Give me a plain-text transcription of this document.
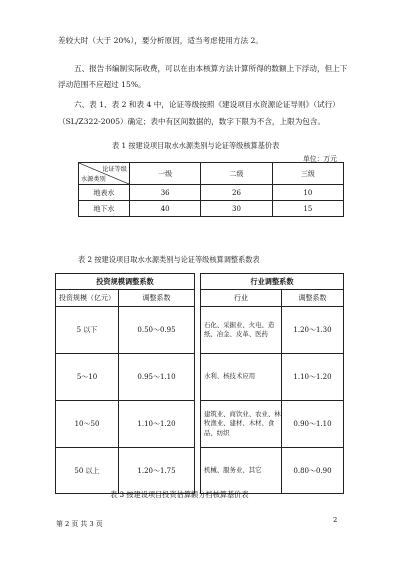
差较大时（大于 20%），要分析原因，适当考虑使用方法 2。

五、报告书编制实际收费，可以在由本核算方法计算所得的数额上下浮动，但上下

浮动范围不应超过 15%。

六、表 1、表 2 和表 4 中，论证等级按照《建设项目水资源论证导则》（试行）

（SL/Z322-2005）确定；表中有区间数据的，数字下限为不含，上限为包含。

表 1 按建设项目取水水源类别与论证等级核算基价表
单位：万元
论证等级
水源类别	一级	二级	三级
地表水	36	26	10
地下水	40	30	15
表 2 按建设项目取水水源类别与论证等级核算调整系数表
投资规模调整系数	
投资规模（亿元）	调整系数
5 以下	0.50～0.95
5～10	0.95～1.10
10～50	1.10～1.20
50 以上	1.20～1.75
行业调整系数	
行业	调整系数
石化、采掘业、火电、造纸、冶金、皮革、医药	1.20～1.30
水利、核技术应用	1.10～1.20
建筑业、商饮业、农业、林牧渔业、建材、木材、食品、纺织	0.90～1.10
机械、服务业、其它	0.80～0.90
表 3 按建设项目投资估算额分档核算基价表
第 2 页 共 3 页	2
